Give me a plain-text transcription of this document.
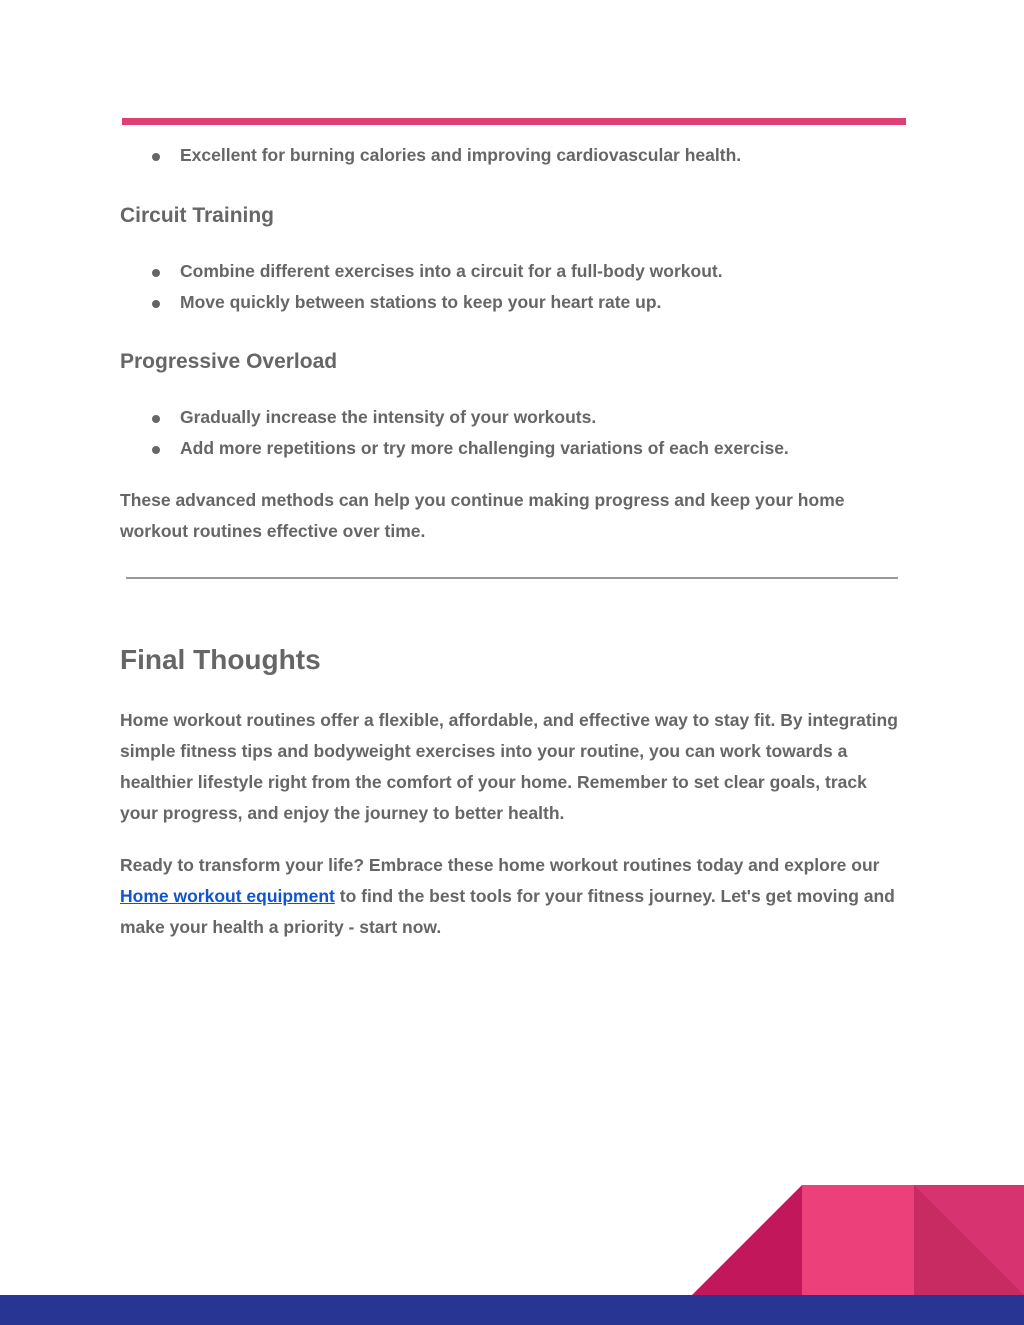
Excellent for burning calories and improving cardiovascular health.
Circuit Training
Combine different exercises into a circuit for a full-body workout.
Move quickly between stations to keep your heart rate up.
Progressive Overload
Gradually increase the intensity of your workouts.
Add more repetitions or try more challenging variations of each exercise.

These advanced methods can help you continue making progress and keep your home workout routines effective over time.

Final Thoughts

Home workout routines offer a flexible, affordable, and effective way to stay fit. By integrating simple fitness tips and bodyweight exercises into your routine, you can work towards a healthier lifestyle right from the comfort of your home. Remember to set clear goals, track your progress, and enjoy the journey to better health.

Ready to transform your life? Embrace these home workout routines today and explore our Home workout equipment to find the best tools for your fitness journey. Let's get moving and make your health a priority - start now.
